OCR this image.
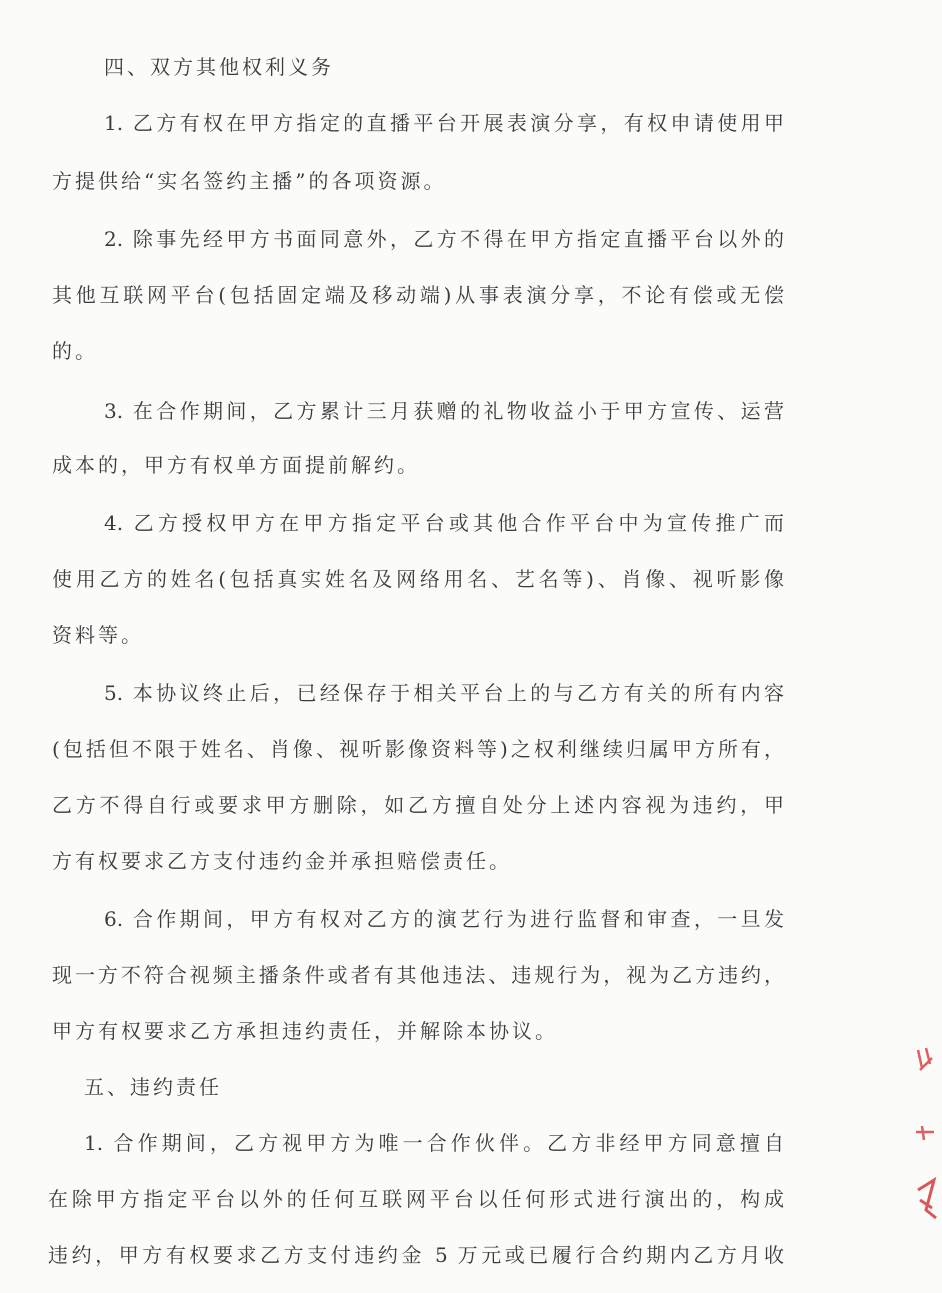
四、双方其他权利义务
1. 乙方有权在甲方指定的直播平台开展表演分享，有权申请使用甲
方提供给“实名签约主播”的各项资源。
2. 除事先经甲方书面同意外，乙方不得在甲方指定直播平台以外的
其他互联网平台(包括固定端及移动端)从事表演分享，不论有偿或无偿
的。
3. 在合作期间，乙方累计三月获赠的礼物收益小于甲方宣传、运营
成本的，甲方有权单方面提前解约。
4. 乙方授权甲方在甲方指定平台或其他合作平台中为宣传推广而
使用乙方的姓名(包括真实姓名及网络用名、艺名等)、肖像、视听影像
资料等。
5. 本协议终止后，已经保存于相关平台上的与乙方有关的所有内容
(包括但不限于姓名、肖像、视听影像资料等)之权利继续归属甲方所有，
乙方不得自行或要求甲方删除，如乙方擅自处分上述内容视为违约，甲
方有权要求乙方支付违约金并承担赔偿责任。
6. 合作期间，甲方有权对乙方的演艺行为进行监督和审查，一旦发
现一方不符合视频主播条件或者有其他违法、违规行为，视为乙方违约，
甲方有权要求乙方承担违约责任，并解除本协议。
五、违约责任
1. 合作期间，乙方视甲方为唯一合作伙伴。乙方非经甲方同意擅自
在除甲方指定平台以外的任何互联网平台以任何形式进行演出的，构成
违约，甲方有权要求乙方支付违约金 5 万元或已履行合约期内乙方月收
